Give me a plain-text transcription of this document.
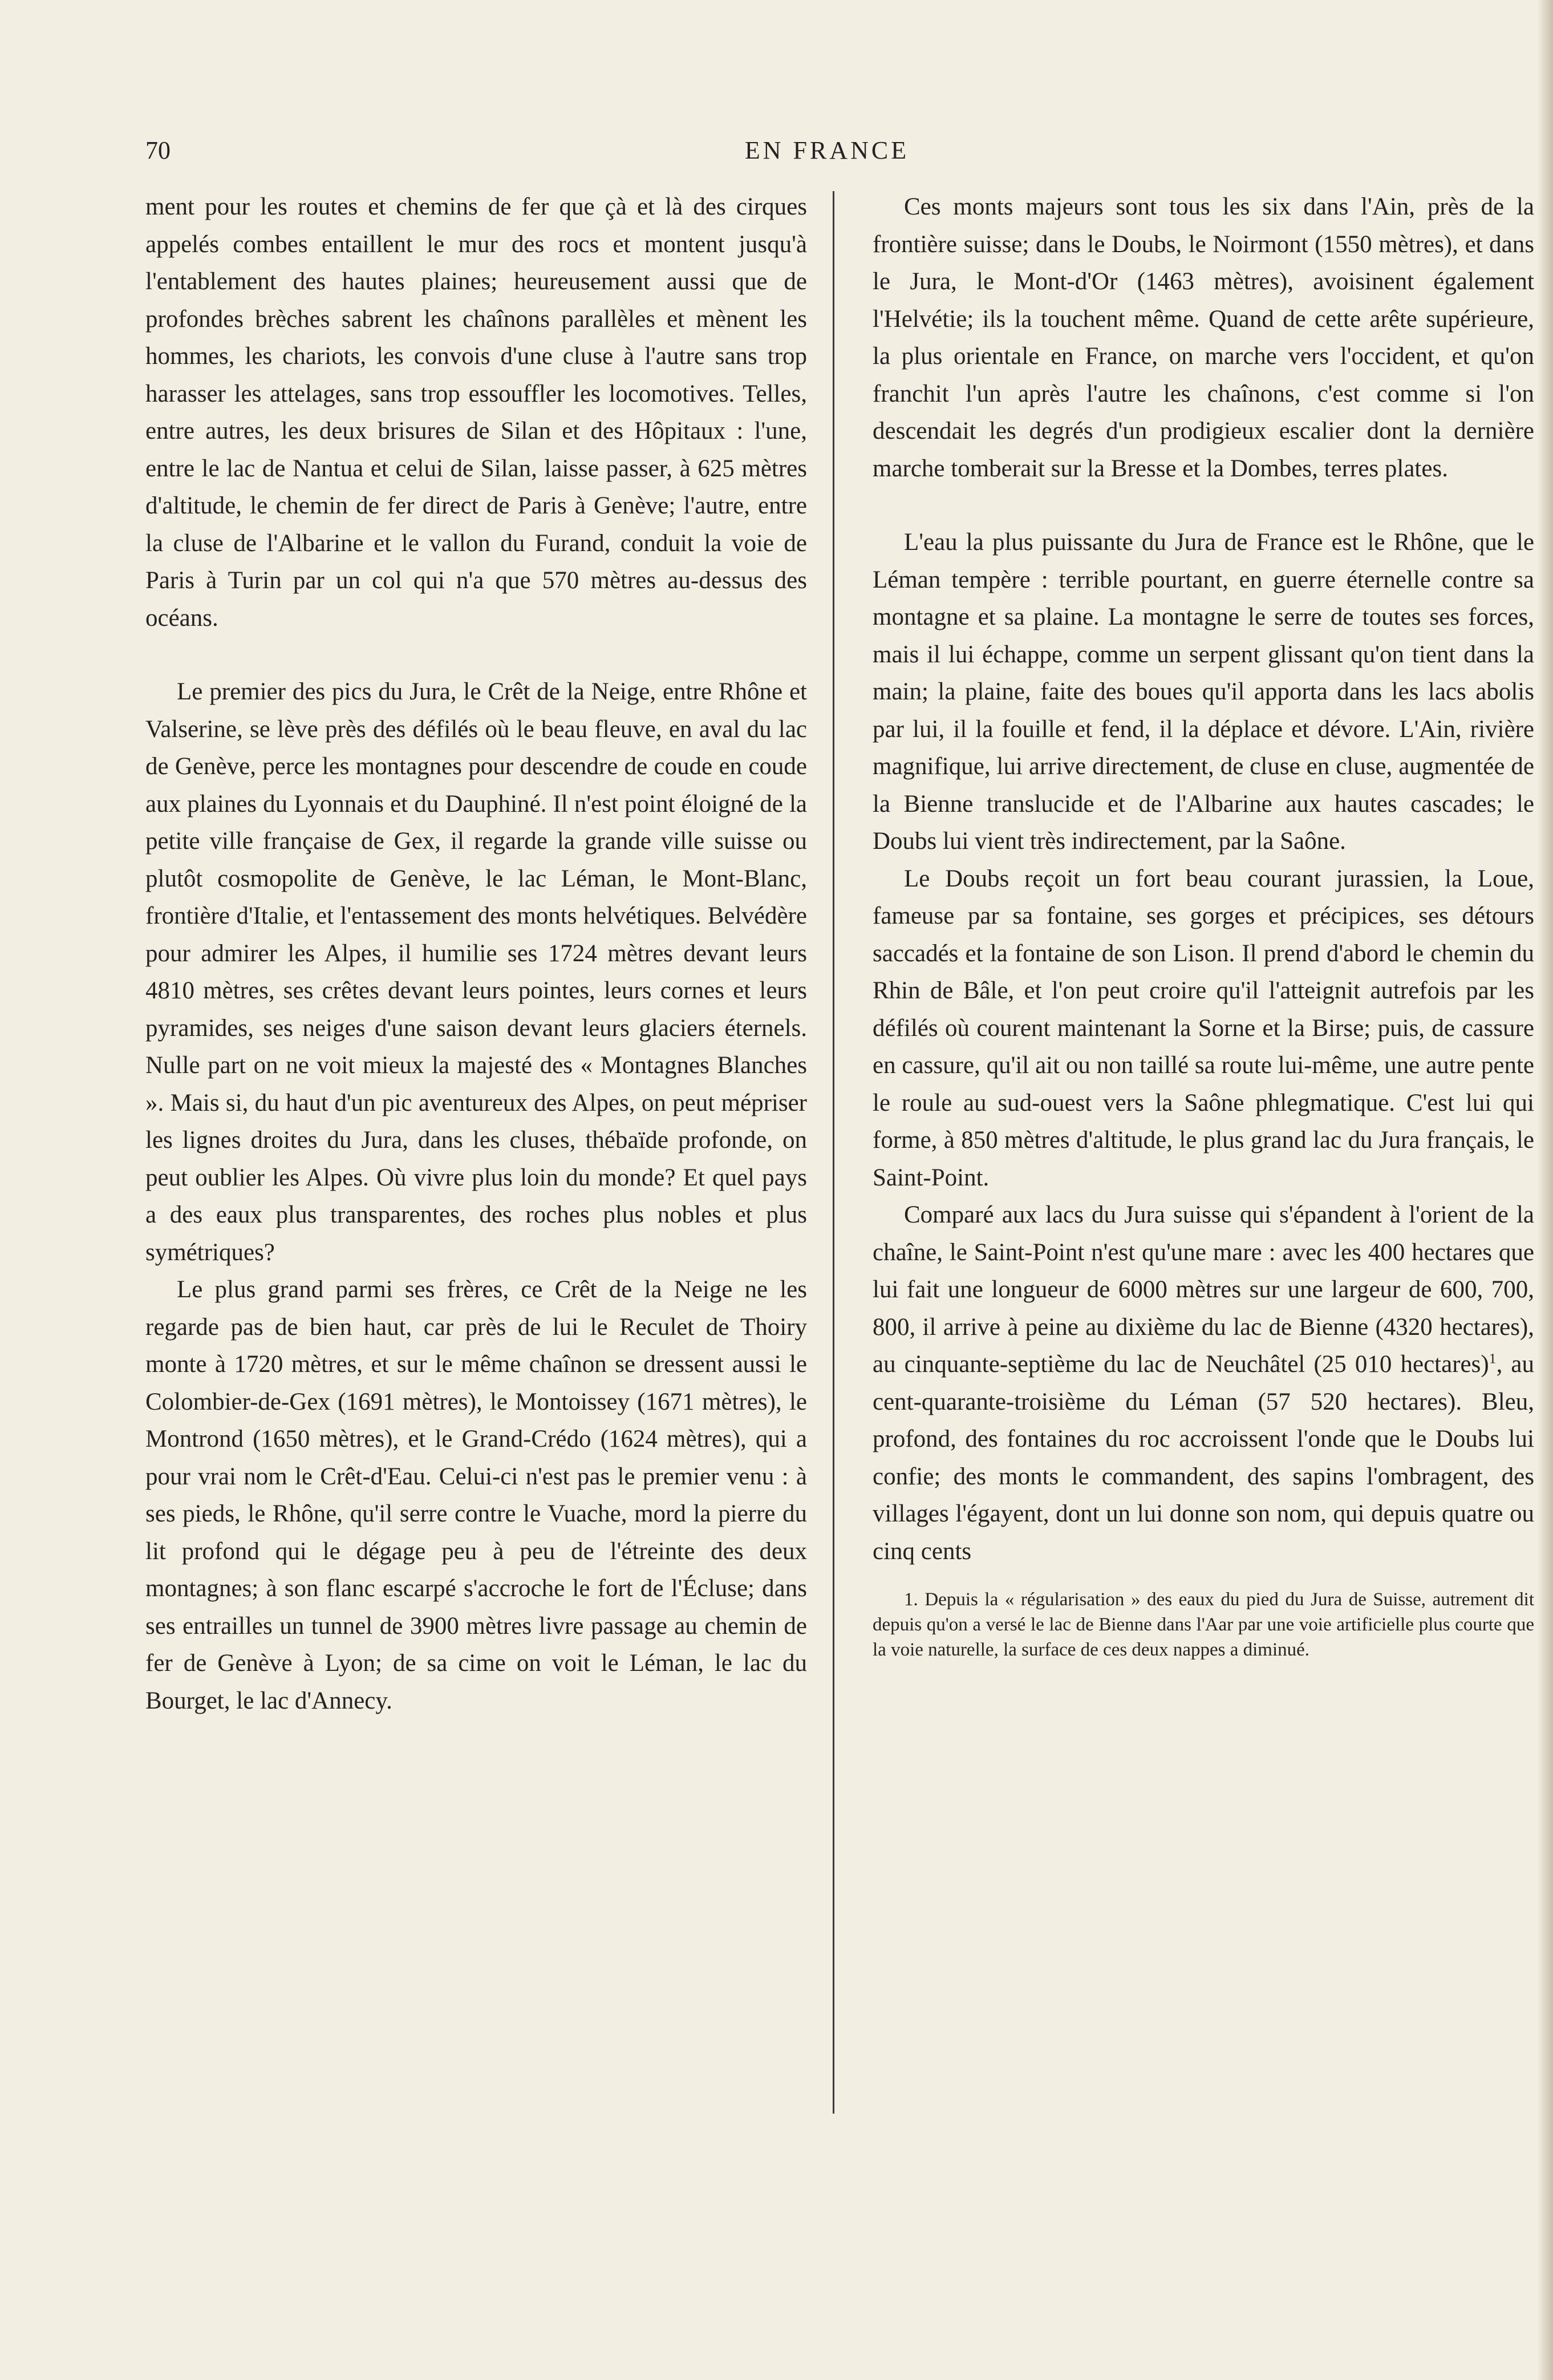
70	EN FRANCE

ment pour les routes et chemins de fer que çà et là des cirques appelés combes entaillent le mur des rocs et montent jusqu'à l'entablement des hautes plaines; heureusement aussi que de profondes brèches sabrent les chaînons parallèles et mènent les hommes, les chariots, les convois d'une cluse à l'autre sans trop harasser les attelages, sans trop essouffler les locomotives. Telles, entre autres, les deux brisures de Silan et des Hôpitaux : l'une, entre le lac de Nantua et celui de Silan, laisse passer, à 625 mètres d'altitude, le chemin de fer direct de Paris à Genève; l'autre, entre la cluse de l'Albarine et le vallon du Furand, conduit la voie de Paris à Turin par un col qui n'a que 570 mètres au-dessus des océans.

Le premier des pics du Jura, le Crêt de la Neige, entre Rhône et Valserine, se lève près des défilés où le beau fleuve, en aval du lac de Genève, perce les montagnes pour descendre de coude en coude aux plaines du Lyonnais et du Dauphiné. Il n'est point éloigné de la petite ville française de Gex, il regarde la grande ville suisse ou plutôt cosmopolite de Genève, le lac Léman, le Mont-Blanc, frontière d'Italie, et l'entassement des monts helvétiques. Belvédère pour admirer les Alpes, il humilie ses 1724 mètres devant leurs 4810 mètres, ses crêtes devant leurs pointes, leurs cornes et leurs pyramides, ses neiges d'une saison devant leurs glaciers éternels. Nulle part on ne voit mieux la majesté des « Montagnes Blanches ». Mais si, du haut d'un pic aventureux des Alpes, on peut mépriser les lignes droites du Jura, dans les cluses, thébaïde profonde, on peut oublier les Alpes. Où vivre plus loin du monde? Et quel pays a des eaux plus transparentes, des roches plus nobles et plus symétriques?

Le plus grand parmi ses frères, ce Crêt de la Neige ne les regarde pas de bien haut, car près de lui le Reculet de Thoiry monte à 1720 mètres, et sur le même chaînon se dressent aussi le Colombier-de-Gex (1691 mètres), le Montoissey (1671 mètres), le Montrond (1650 mètres), et le Grand-Crédo (1624 mètres), qui a pour vrai nom le Crêt-d'Eau. Celui-ci n'est pas le premier venu : à ses pieds, le Rhône, qu'il serre contre le Vuache, mord la pierre du lit profond qui le dégage peu à peu de l'étreinte des deux montagnes; à son flanc escarpé s'accroche le fort de l'Écluse; dans ses entrailles un tunnel de 3900 mètres livre passage au chemin de fer de Genève à Lyon; de sa cime on voit le Léman, le lac du Bourget, le lac d'Annecy.

Ces monts majeurs sont tous les six dans l'Ain, près de la frontière suisse; dans le Doubs, le Noirmont (1550 mètres), et dans le Jura, le Mont-d'Or (1463 mètres), avoisinent également l'Helvétie; ils la touchent même. Quand de cette arête supérieure, la plus orientale en France, on marche vers l'occident, et qu'on franchit l'un après l'autre les chaînons, c'est comme si l'on descendait les degrés d'un prodigieux escalier dont la dernière marche tomberait sur la Bresse et la Dombes, terres plates.

L'eau la plus puissante du Jura de France est le Rhône, que le Léman tempère : terrible pourtant, en guerre éternelle contre sa montagne et sa plaine. La montagne le serre de toutes ses forces, mais il lui échappe, comme un serpent glissant qu'on tient dans la main; la plaine, faite des boues qu'il apporta dans les lacs abolis par lui, il la fouille et fend, il la déplace et dévore. L'Ain, rivière magnifique, lui arrive directement, de cluse en cluse, augmentée de la Bienne translucide et de l'Albarine aux hautes cascades; le Doubs lui vient très indirectement, par la Saône.

Le Doubs reçoit un fort beau courant jurassien, la Loue, fameuse par sa fontaine, ses gorges et précipices, ses détours saccadés et la fontaine de son Lison. Il prend d'abord le chemin du Rhin de Bâle, et l'on peut croire qu'il l'atteignit autrefois par les défilés où courent maintenant la Sorne et la Birse; puis, de cassure en cassure, qu'il ait ou non taillé sa route lui-même, une autre pente le roule au sud-ouest vers la Saône phlegmatique. C'est lui qui forme, à 850 mètres d'altitude, le plus grand lac du Jura français, le Saint-Point.

Comparé aux lacs du Jura suisse qui s'épandent à l'orient de la chaîne, le Saint-Point n'est qu'une mare : avec les 400 hectares que lui fait une longueur de 6000 mètres sur une largeur de 600, 700, 800, il arrive à peine au dixième du lac de Bienne (4320 hectares), au cinquante-septième du lac de Neuchâtel (25 010 hectares)$^1$, au cent-quarante-troisième du Léman (57 520 hectares). Bleu, profond, des fontaines du roc accroissent l'onde que le Doubs lui confie; des monts le commandent, des sapins l'ombragent, des villages l'égayent, dont un lui donne son nom, qui depuis quatre ou cinq cents

1. Depuis la « régularisation » des eaux du pied du Jura de Suisse, autrement dit depuis qu'on a versé le lac de Bienne dans l'Aar par une voie artificielle plus courte que la voie naturelle, la surface de ces deux nappes a diminué.
